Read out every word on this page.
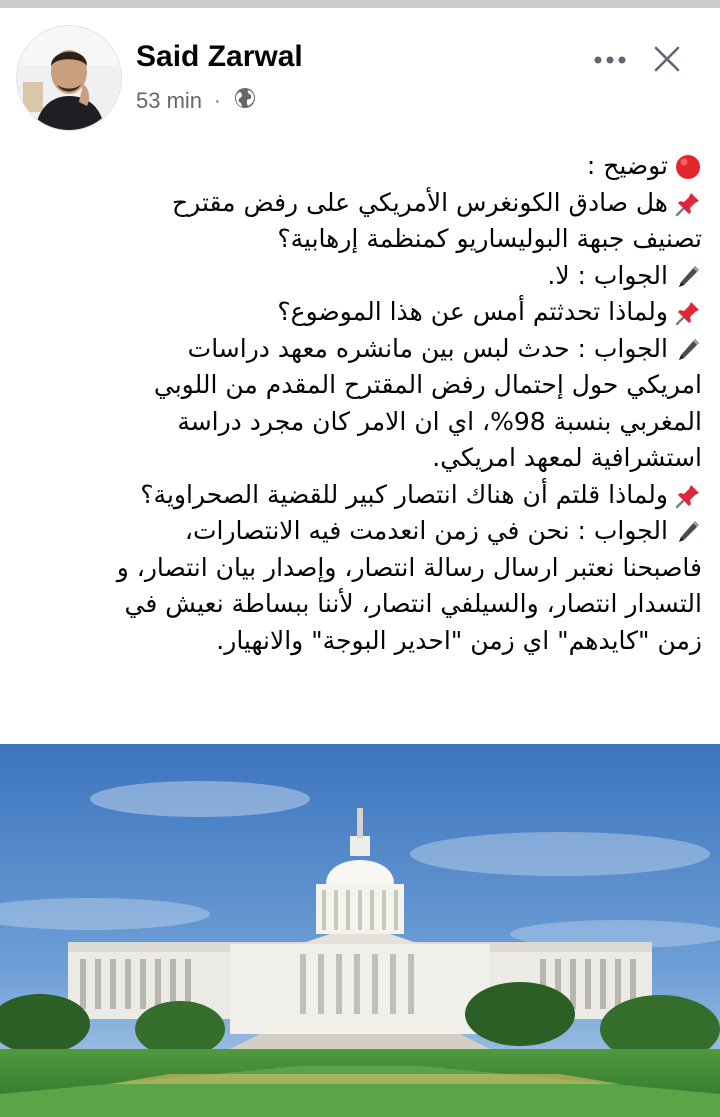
Said Zarwal
53 min ·
توضيح :
هل صادق الكونغرس الأمريكي على رفض مقترح
تصنيف جبهة البوليساريو كمنظمة إرهابية؟
الجواب : لا.
ولماذا تحدثتم أمس عن هذا الموضوع؟
الجواب : حدث لبس بين مانشره معهد دراسات
امريكي حول إحتمال رفض المقترح المقدم من اللوبي
المغربي بنسبة 98%، اي ان الامر كان مجرد دراسة
استشرافية لمعهد امريكي.
ولماذا قلتم أن هناك انتصار كبير للقضية الصحراوية؟
الجواب : نحن في زمن انعدمت فيه الانتصارات،
فاصبحنا نعتبر ارسال رسالة انتصار، وإصدار بيان انتصار، و
التسدار انتصار، والسيلفي انتصار، لأننا ببساطة نعيش في
زمن "كايدهم" اي زمن "احدير البوجة" والانهيار.
